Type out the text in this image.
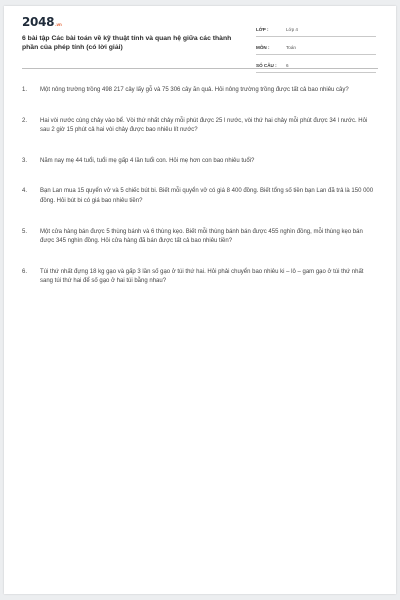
2048 .vn
6 bài tập Các bài toán về kỹ thuật tính và quan hệ giữa các thành phần của phép tính (có lời giải)
LỚP :	Lớp 4
MÔN :	Toán
SỐ CÂU :	6
1.	Một nông trường trồng 498 217 cây lấy gỗ và 75 306 cây ăn quả. Hỏi nông trường trồng được tất cả bao nhiêu cây?
2.	Hai vòi nước cùng chảy vào bể. Vòi thứ nhất chảy mỗi phút được 25 l nước, vòi thứ hai chảy mỗi phút được 34 l nước. Hỏi sau 2 giờ 15 phút cả hai vòi chảy được bao nhiêu lít nước?
3.	Năm nay mẹ 44 tuổi, tuổi mẹ gấp 4 lần tuổi con. Hỏi mẹ hơn con bao nhiêu tuổi?
4.	Bạn Lan mua 15 quyển vở và 5 chiếc bút bi. Biết mỗi quyển vở có giá 8 400 đồng. Biết tổng số tiền bạn Lan đã trả là 150 000 đồng. Hỏi bút bi có giá bao nhiêu tiền?
5.	Một cửa hàng bán được 5 thùng bánh và 6 thùng kẹo. Biết mỗi thùng bánh bán được 455 nghìn đồng, mỗi thùng kẹo bán được 345 nghìn đồng. Hỏi cửa hàng đã bán được tất cả bao nhiêu tiền?
6.	Túi thứ nhất đựng 18 kg gạo và gấp 3 lần số gạo ở túi thứ hai. Hỏi phải chuyển bao nhiêu ki – lô – gam gạo ở túi thứ nhất sang túi thứ hai để số gạo ở hai túi bằng nhau?
